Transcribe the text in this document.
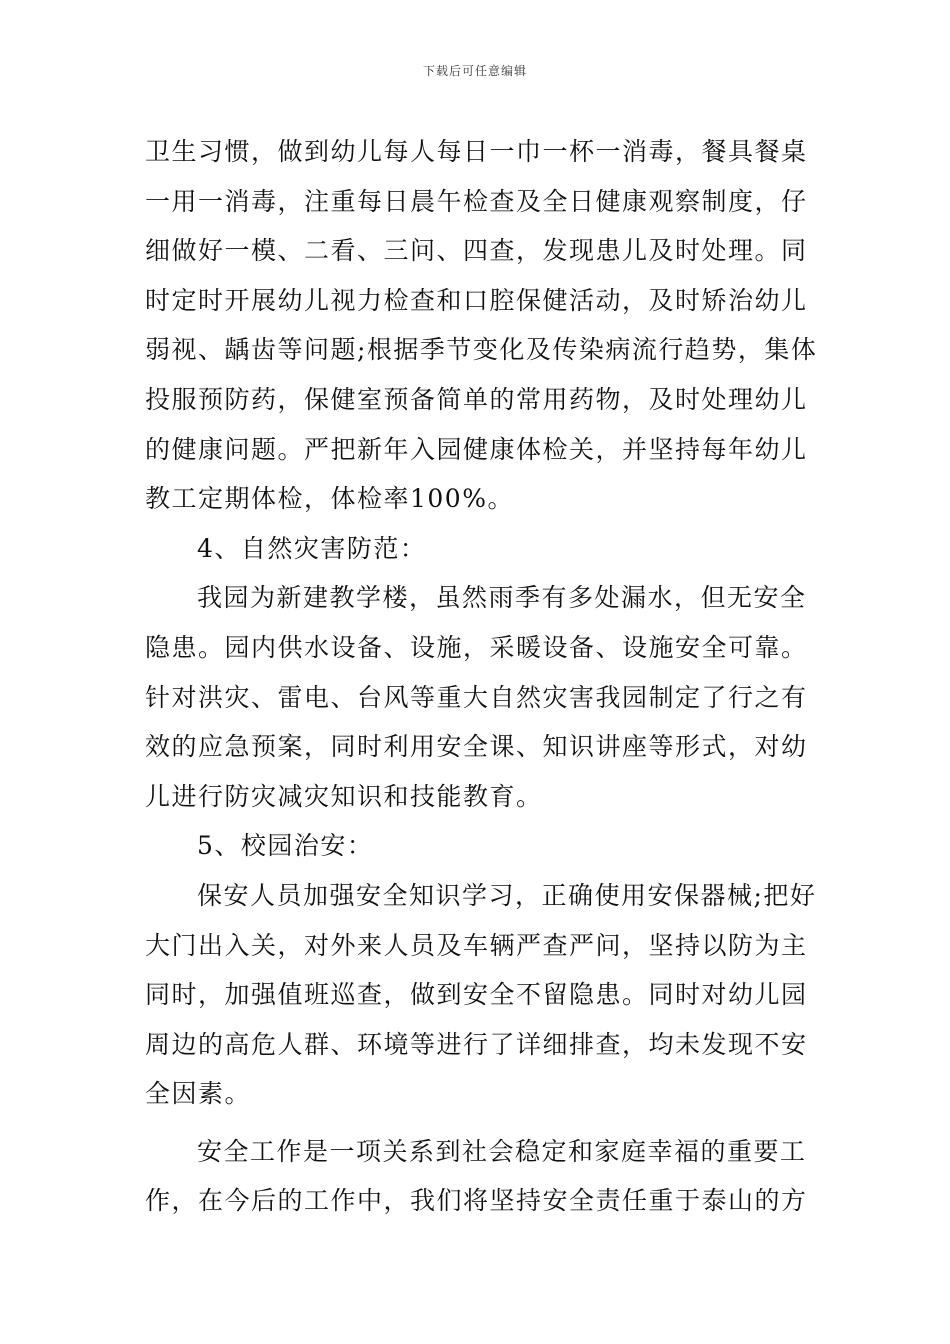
下载后可任意编辑
卫生习惯，做到幼儿每人每日一巾一杯一消毒，餐具餐桌
一用一消毒，注重每日晨午检查及全日健康观察制度，仔
细做好一模、二看、三问、四查，发现患儿及时处理。同
时定时开展幼儿视力检查和口腔保健活动，及时矫治幼儿
弱视、龋齿等问题;根据季节变化及传染病流行趋势，集体
投服预防药，保健室预备简单的常用药物，及时处理幼儿
的健康问题。严把新年入园健康体检关，并坚持每年幼儿
教工定期体检，体检率100%。
4、自然灾害防范：
我园为新建教学楼，虽然雨季有多处漏水，但无安全
隐患。园内供水设备、设施，采暖设备、设施安全可靠。
针对洪灾、雷电、台风等重大自然灾害我园制定了行之有
效的应急预案，同时利用安全课、知识讲座等形式，对幼
儿进行防灾减灾知识和技能教育。
5、校园治安：
保安人员加强安全知识学习，正确使用安保器械;把好
大门出入关，对外来人员及车辆严查严问，坚持以防为主
同时，加强值班巡查，做到安全不留隐患。同时对幼儿园
周边的高危人群、环境等进行了详细排查，均未发现不安
全因素。
安全工作是一项关系到社会稳定和家庭幸福的重要工
作，在今后的工作中，我们将坚持安全责任重于泰山的方
